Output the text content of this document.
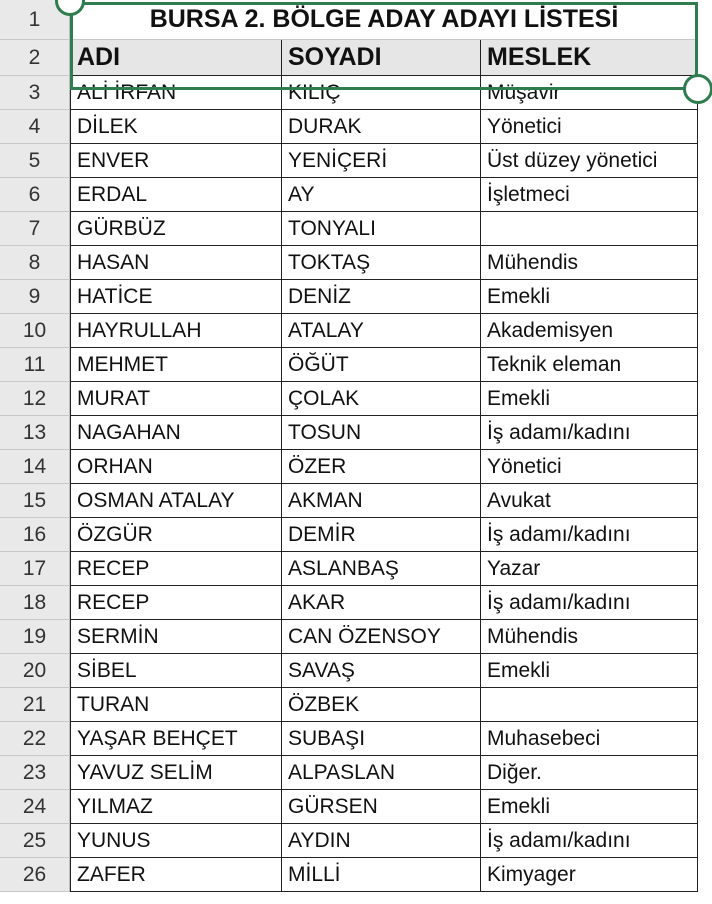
1	BURSA 2. BÖLGE ADAY ADAYI LİSTESİ
2	ADI	SOYADI	MESLEK
3	ALİ İRFAN	KILIÇ	Müşavir
4	DİLEK	DURAK	Yönetici
5	ENVER	YENİÇERİ	Üst düzey yönetici
6	ERDAL	AY	İşletmeci
7	GÜRBÜZ	TONYALI
8	HASAN	TOKTAŞ	Mühendis
9	HATİCE	DENİZ	Emekli
10	HAYRULLAH	ATALAY	Akademisyen
11	MEHMET	ÖĞÜT	Teknik eleman
12	MURAT	ÇOLAK	Emekli
13	NAGAHAN	TOSUN	İş adamı/kadını
14	ORHAN	ÖZER	Yönetici
15	OSMAN ATALAY	AKMAN	Avukat
16	ÖZGÜR	DEMİR	İş adamı/kadını
17	RECEP	ASLANBAŞ	Yazar
18	RECEP	AKAR	İş adamı/kadını
19	SERMİN	CAN ÖZENSOY	Mühendis
20	SİBEL	SAVAŞ	Emekli
21	TURAN	ÖZBEK
22	YAŞAR BEHÇET	SUBAŞI	Muhasebeci
23	YAVUZ SELİM	ALPASLAN	Diğer.
24	YILMAZ	GÜRSEN	Emekli
25	YUNUS	AYDIN	İş adamı/kadını
26	ZAFER	MİLLİ	Kimyager
